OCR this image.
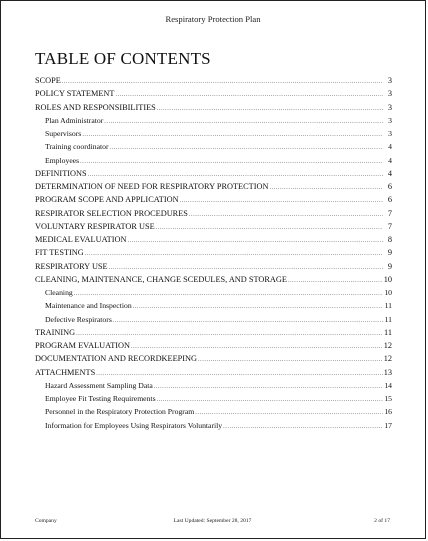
Respiratory Protection Plan
TABLE OF CONTENTS
SCOPE .....	3
POLICY STATEMENT .....	3
ROLES AND RESPONSIBILITIES .....	3
Plan Administrator .....	3
Supervisors .....	3
Training coordinator .....	4
Employees .....	4
DEFINITIONS .....	4
DETERMINATION OF NEED FOR RESPIRATORY PROTECTION .....	6
PROGRAM SCOPE AND APPLICATION .....	6
RESPIRATOR SELECTION PROCEDURES .....	7
VOLUNTARY RESPIRATOR USE .....	7
MEDICAL EVALUATION .....	8
FIT TESTING .....	9
RESPIRATORY USE .....	9
CLEANING, MAINTENANCE, CHANGE SCEDULES, AND STORAGE .....	10
Cleaning .....	10
Maintenance and Inspection .....	11
Defective Respirators .....	11
TRAINING .....	11
PROGRAM EVALUATION .....	12
DOCUMENTATION AND RECORDKEEPING .....	12
ATTACHMENTS .....	13
Hazard Assessment Sampling Data .....	14
Employee Fit Testing Requirements .....	15
Personnel in the Respiratory Protection Program .....	16
Information for Employees Using Respirators Voluntarily .....	17
Company	Last Updated: September 28, 2017	2 of 17
